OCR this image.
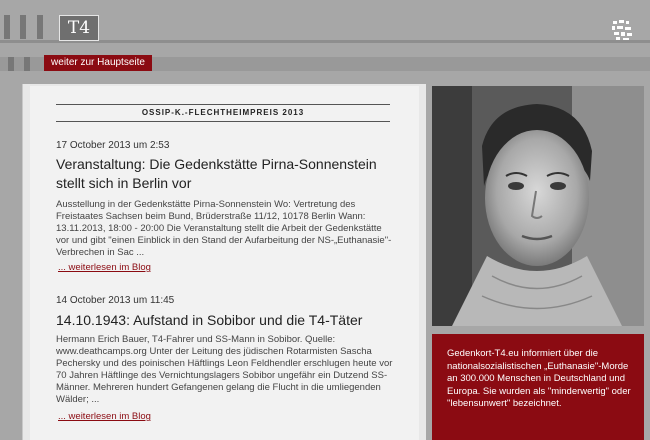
T4
weiter zur Hauptseite
OSSIP-K.-FLECHTHEIMPREIS 2013
17 October 2013 um 2:53
Veranstaltung: Die Gedenkstätte Pirna-Sonnenstein stellt sich in Berlin vor
Ausstellung in der Gedenkstätte Pirna-Sonnenstein Wo: Vertretung des Freistaates Sachsen beim Bund, Brüderstraße 11/12, 10178 Berlin Wann: 13.11.2013, 18:00 - 20:00 Die Veranstaltung stellt die Arbeit der Gedenkstätte vor und gibt "einen Einblick in den Stand der Aufarbeitung der NS-„Euthanasie"-Verbrechen in Sac ...
... weiterlesen im Blog
14 October 2013 um 11:45
14.10.1943: Aufstand in Sobibor und die T4-Täter
Hermann Erich Bauer, T4-Fahrer und SS-Mann in Sobibor. Quelle: www.deathcamps.org Unter der Leitung des jüdischen Rotarmisten Sascha Pechersky und des poinischen Häftlings Leon Feldhendler erschlugen heute vor 70 Jahren Häftlinge des Vernichtungslagers Sobibor ungefähr ein Dutzend SS-Männer. Mehreren hundert Gefangenen gelang die Flucht in die umliegenden Wälder; ...
... weiterlesen im Blog
Gedenkort-T4.eu informiert über die nationalsozialistischen „Euthanasie"-Morde an 300.000 Menschen in Deutschland und Europa. Sie wurden als "minderwertig" oder "lebensunwert" bezeichnet.
